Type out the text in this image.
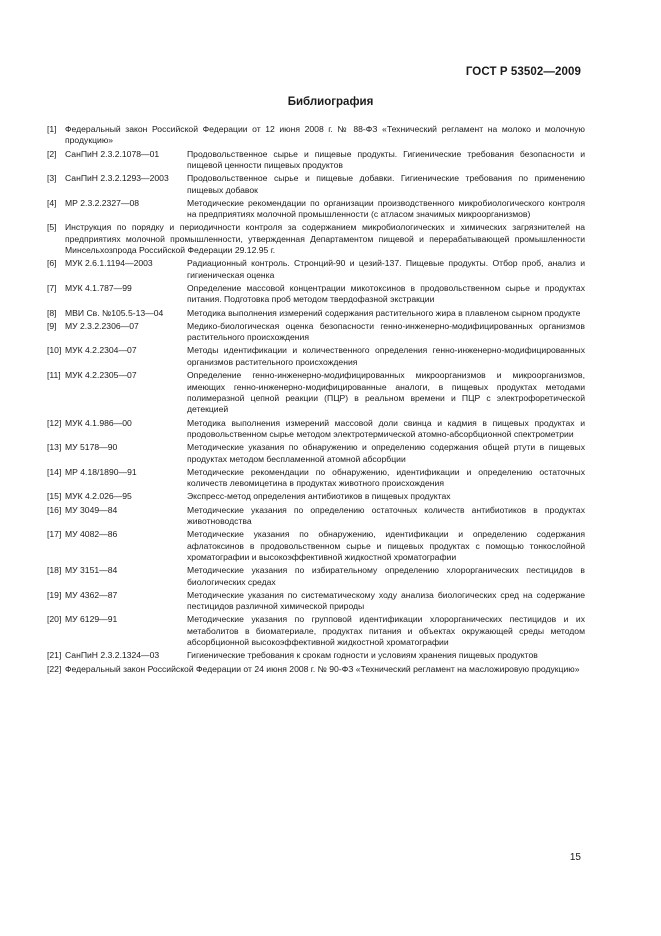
ГОСТ Р 53502—2009
Библиография
[1] Федеральный закон Российской Федерации от 12 июня 2008 г. № 88-ФЗ «Технический регламент на молоко и молочную продукцию»
[2] СанПиН 2.3.2.1078—01	Продовольственное сырье и пищевые продукты. Гигиенические требования безопасности и пищевой ценности пищевых продуктов
[3] СанПиН 2.3.2.1293—2003	Продовольственное сырье и пищевые добавки. Гигиенические требования по применению пищевых добавок
[4] МР 2.3.2.2327—08	Методические рекомендации по организации производственного микробиологического контроля на предприятиях молочной промышленности (с атласом значимых микроорганизмов)
[5] Инструкция по порядку и периодичности контроля за содержанием микробиологических и химических загрязнителей на предприятиях молочной промышленности, утвержденная Департаментом пищевой и перерабатывающей промышленности Минсельхозпрода Российской Федерации 29.12.95 г.
[6] МУК 2.6.1.1194—2003	Радиационный контроль. Стронций-90 и цезий-137. Пищевые продукты. Отбор проб, анализ и гигиеническая оценка
[7] МУК 4.1.787—99	Определение массовой концентрации микотоксинов в продовольственном сырье и продуктах питания. Подготовка проб методом твердофазной экстракции
[8] МВИ Св. №105.5-13—04	Методика выполнения измерений содержания растительного жира в плавленом сырном продукте
[9] МУ 2.3.2.2306—07	Медико-биологическая оценка безопасности генно-инженерно-модифицированных организмов растительного происхождения
[10] МУК 4.2.2304—07	Методы идентификации и количественного определения генно-инженерно-модифицированных организмов растительного происхождения
[11] МУК 4.2.2305—07	Определение генно-инженерно-модифицированных микроорганизмов и микроорганизмов, имеющих генно-инженерно-модифицированные аналоги, в пищевых продуктах методами полимеразной цепной реакции (ПЦР) в реальном времени и ПЦР с электрофоретической детекцией
[12] МУК 4.1.986—00	Методика выполнения измерений массовой доли свинца и кадмия в пищевых продуктах и продовольственном сырье методом электротермической атомно-абсорбционной спектрометрии
[13] МУ 5178—90	Методические указания по обнаружению и определению содержания общей ртути в пищевых продуктах методом беспламенной атомной абсорбции
[14] МР 4.18/1890—91	Методические рекомендации по обнаружению, идентификации и определению остаточных количеств левомицетина в продуктах животного происхождения
[15] МУК 4.2.026—95	Экспресс-метод определения антибиотиков в пищевых продуктах
[16] МУ 3049—84	Методические указания по определению остаточных количеств антибиотиков в продуктах животноводства
[17] МУ 4082—86	Методические указания по обнаружению, идентификации и определению содержания афлатоксинов в продовольственном сырье и пищевых продуктах с помощью тонкослойной хроматографии и высокоэффективной жидкостной хроматографии
[18] МУ 3151—84	Методические указания по избирательному определению хлорорганических пестицидов в биологических средах
[19] МУ 4362—87	Методические указания по систематическому ходу анализа биологических сред на содержание пестицидов различной химической природы
[20] МУ 6129—91	Методические указания по групповой идентификации хлорорганических пестицидов и их метаболитов в биоматериале, продуктах питания и объектах окружающей среды методом абсорбционной высокоэффективной жидкостной хроматографии
[21] СанПиН 2.3.2.1324—03	Гигиенические требования к срокам годности и условиям хранения пищевых продуктов
[22] Федеральный закон Российской Федерации от 24 июня 2008 г. № 90-ФЗ «Технический регламент на масложировую продукцию»
15
